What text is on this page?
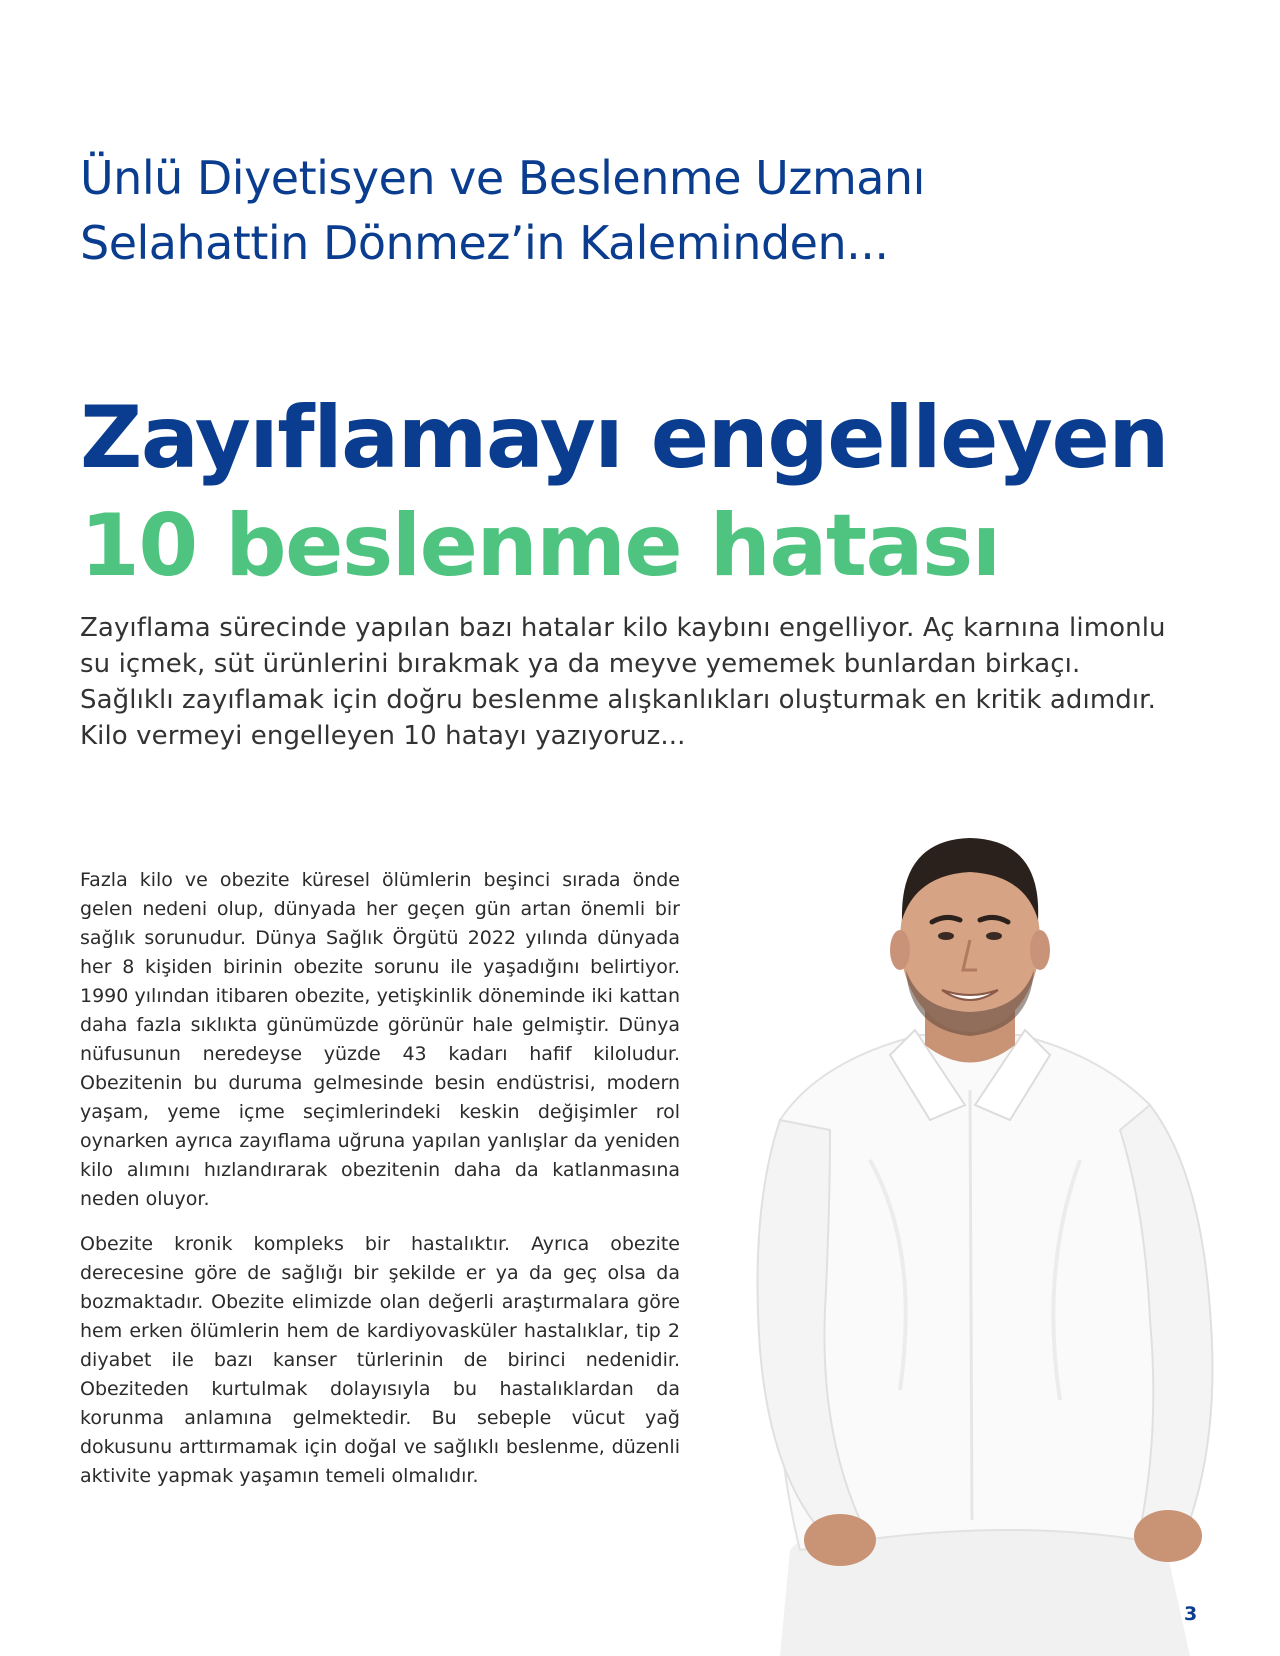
Ünlü Diyetisyen ve Beslenme Uzmanı
Selahattin Dönmez’in Kaleminden...
Zayıflamayı engelleyen
10 beslenme hatası

Zayıflama sürecinde yapılan bazı hatalar kilo kaybını engelliyor. Aç karnına limonlu su içmek, süt ürünlerini bırakmak ya da meyve yememek bunlardan birkaçı. Sağlıklı zayıflamak için doğru beslenme alışkanlıkları oluşturmak en kritik adımdır. Kilo vermeyi engelleyen 10 hatayı yazıyoruz...

Fazla kilo ve obezite küresel ölümlerin beşinci sırada önde gelen nedeni olup, dünyada her geçen gün artan önemli bir sağlık sorunudur. Dünya Sağlık Örgütü 2022 yılında dünyada her 8 kişiden birinin obezite sorunu ile yaşadığını belirtiyor. 1990 yılından itibaren obezite, yetişkinlik döneminde iki kattan daha fazla sıklıkta günümüzde görünür hale gelmiştir. Dünya nüfusunun neredeyse yüzde 43 kadarı hafif kiloludur. Obezitenin bu duruma gelmesinde besin endüstrisi, modern yaşam, yeme içme seçimlerindeki keskin değişimler rol oynarken ayrıca zayıflama uğruna yapılan yanlışlar da yeniden kilo alımını hızlandırarak obezitenin daha da katlanmasına neden oluyor.

Obezite kronik kompleks bir hastalıktır. Ayrıca obezite derecesine göre de sağlığı bir şekilde er ya da geç olsa da bozmaktadır. Obezite elimizde olan değerli araştırmalara göre hem erken ölümlerin hem de kardiyovasküler hastalıklar, tip 2 diyabet ile bazı kanser türlerinin de birinci nedenidir. Obeziteden kurtulmak dolayısıyla bu hastalıklardan da korunma anlamına gelmektedir. Bu sebeple vücut yağ dokusunu arttırmamak için doğal ve sağlıklı beslenme, düzenli aktivite yapmak yaşamın temeli olmalıdır.

3
